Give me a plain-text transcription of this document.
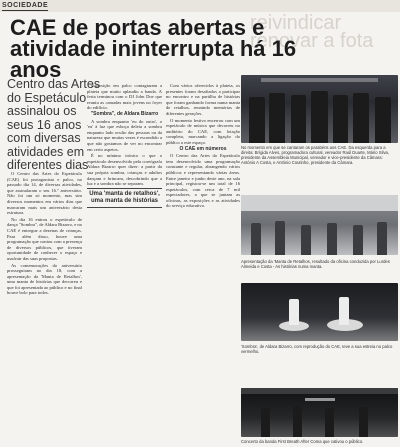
SOCIEDADE
reivindicar
renovar a fota
CAE de portas abertas e atividade ininterrupta há 16 anos
Centro das Artes do Espetáculo assinalou os seus 16 anos com diversas atividades em diferentes dias

O Centro das Artes do Espetáculo (CAE) foi protagonista e palco, no passado dia 14, de diversas atividades, que assinalaram o seu 16.º aniversário. Não foi um só momento, mas sim diversos momentos em vários dias que marcaram mais um aniversário desta estrutura.

No dia 16 entrou o espetáculo de dança "Sombra", de Aldara Bizarro, e no CAE é entregue a dezenas de crianças. Para além disso, houve uma programação que contou com a presença de diversos públicos, que tiveram oportunidade de conhecer o espaço e usufruir das suas propostas.

As comemorações do aniversário prosseguiram no dia 18, com a apresentação da 'Manta de Retalhos', uma manta de histórias que decorreu e que foi apresentada ao público e no final houve bolo para todos.

disposição em palco contagiaram a plateia que muito aplaudiu a banda. A festa terminou com o DJ John Doe que reuniu as camadas mais jovens no foyer do edifício.

"Sombra", de Aldara Bizarro

A sombra enquanto 'eu do outro', o 'eu' à luz que esboça deleia a sombra enquanto lado oculto das pessoas ou da natureza que muitas vezes é escondido a que não gostamos de ver no encontrar em certo aspetos.

É no mínimo irónico o que o espetáculo desenvolvido pela coreógrafa Aldara Bizarro quer dizer: a partir da sua própria sombra, crianças e adultos dançam e brincam, descobrindo que a luz e a sombra não se separam.

Uma 'manta de retalhos', uma manta de histórias

Com vários oferecidos à plateia, os presentes foram desafiados a participar no encontro e na partilha de histórias que foram ganhando forma numa manta de retalhos, reunindo memórias de diferentes gerações.

O momento festivo encerrou com um espetáculo de música que decorreu no auditório do CAE, com lotação completa, marcando a ligação do público a este espaço.

O CAE em números

O Centro das Artes do Espetáculo tem desenvolvido uma programação constante e regular, abrangendo vários públicos e representando várias áreas. Entre janeiro e junho deste ano, na sala principal, registou-se um total de 16 espetáculos, com cerca de 7 mil espectadores, a que se juntam as oficinas, as exposições e as atividades do serviço educativo.

No momento em que se cantaram os parabéns aos CAE. Da esquerda para a direita: Brígida Alves, programadora cultural, vereador Raúl Duarte, Mário Silva, presidente da Assembleia Municipal, vereador e vice-presidente da Câmara: António A Costa, e António Coutinho, presidente da Câmara.
Apresentação da 'Manta de Retalhos, resultado da oficina conduzida por Lurdes Almeida e Costa - As histórias numa manta.
'Sombra', de Aldara Bizarro, com reprodução do CAE, teve a sua estreia no palco vermelho.
Concerto da banda First Breath After Coma que cativou o público.
